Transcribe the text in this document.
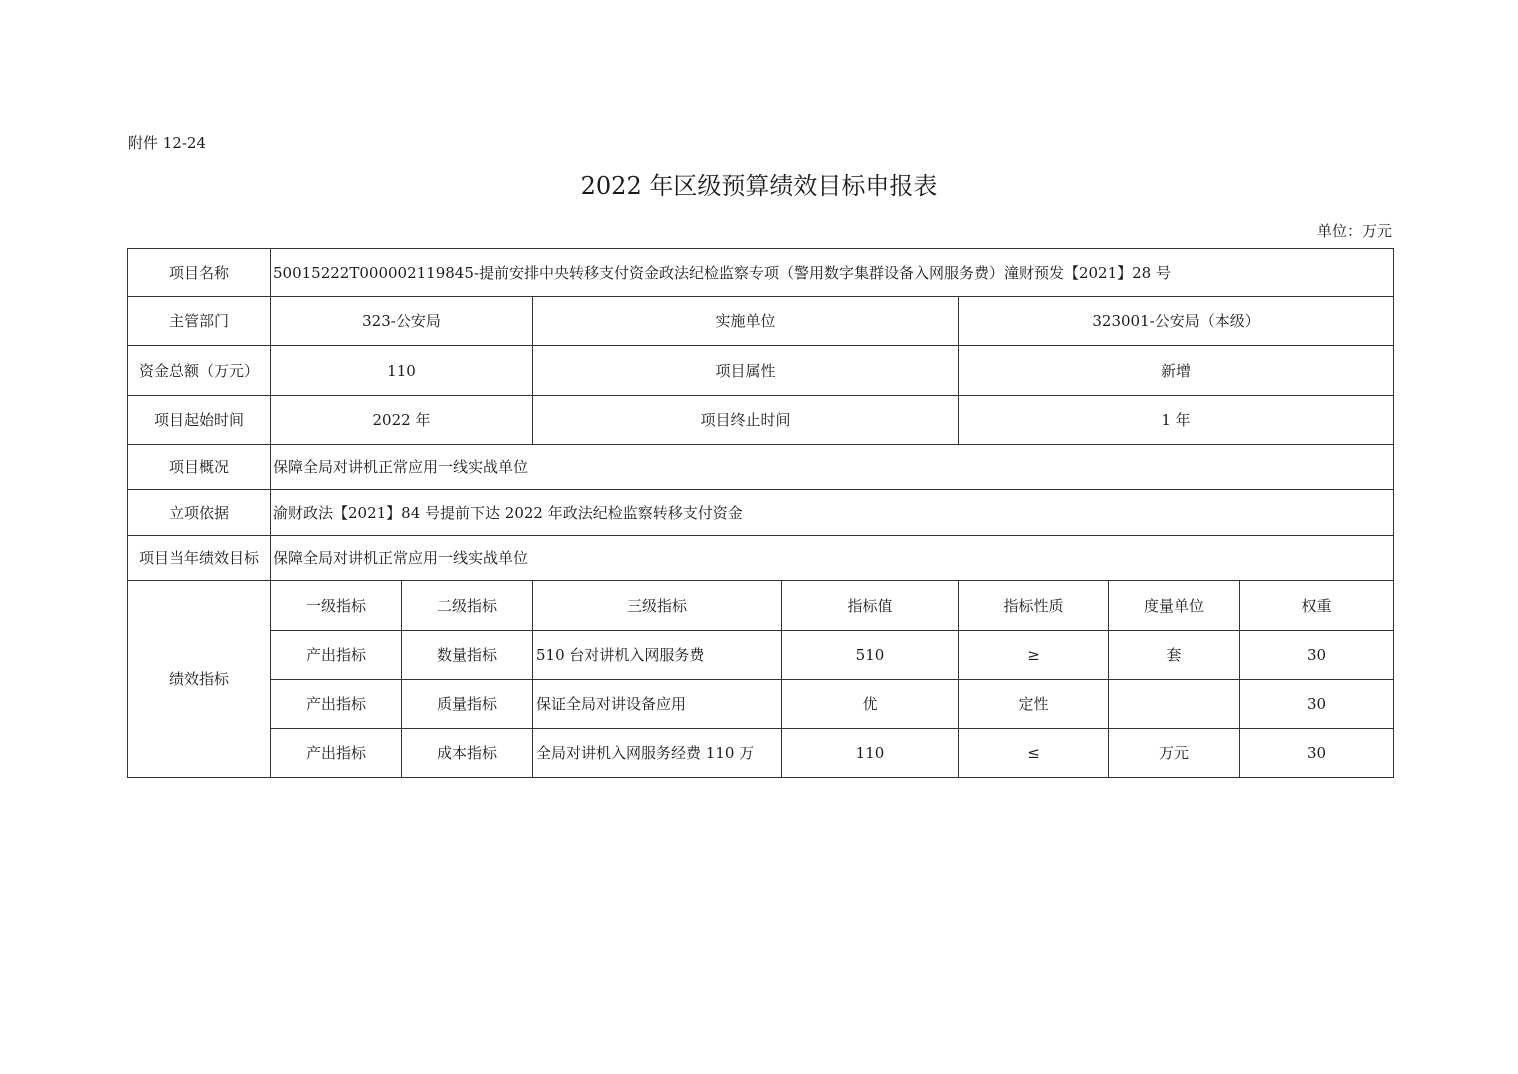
附件 12-24
2022 年区级预算绩效目标申报表
单位：万元
项目名称	50015222T000002119845-提前安排中央转移支付资金政法纪检监察专项（警用数字集群设备入网服务费）潼财预发【2021】28 号						
主管部门	323-公安局		实施单位		323001-公安局（本级）		
资金总额（万元）	110		项目属性		新增		
项目起始时间	2022 年		项目终止时间		1 年		
项目概况	保障全局对讲机正常应用一线实战单位						
立项依据	渝财政法【2021】84 号提前下达 2022 年政法纪检监察转移支付资金						
项目当年绩效目标	保障全局对讲机正常应用一线实战单位						
绩效指标	一级指标	二级指标	三级指标	指标值	指标性质	度量单位	权重
	产出指标	数量指标	510 台对讲机入网服务费	510	≥	套	30
	产出指标	质量指标	保证全局对讲设备应用	优	定性		30
	产出指标	成本指标	全局对讲机入网服务经费 110 万	110	≤	万元	30
